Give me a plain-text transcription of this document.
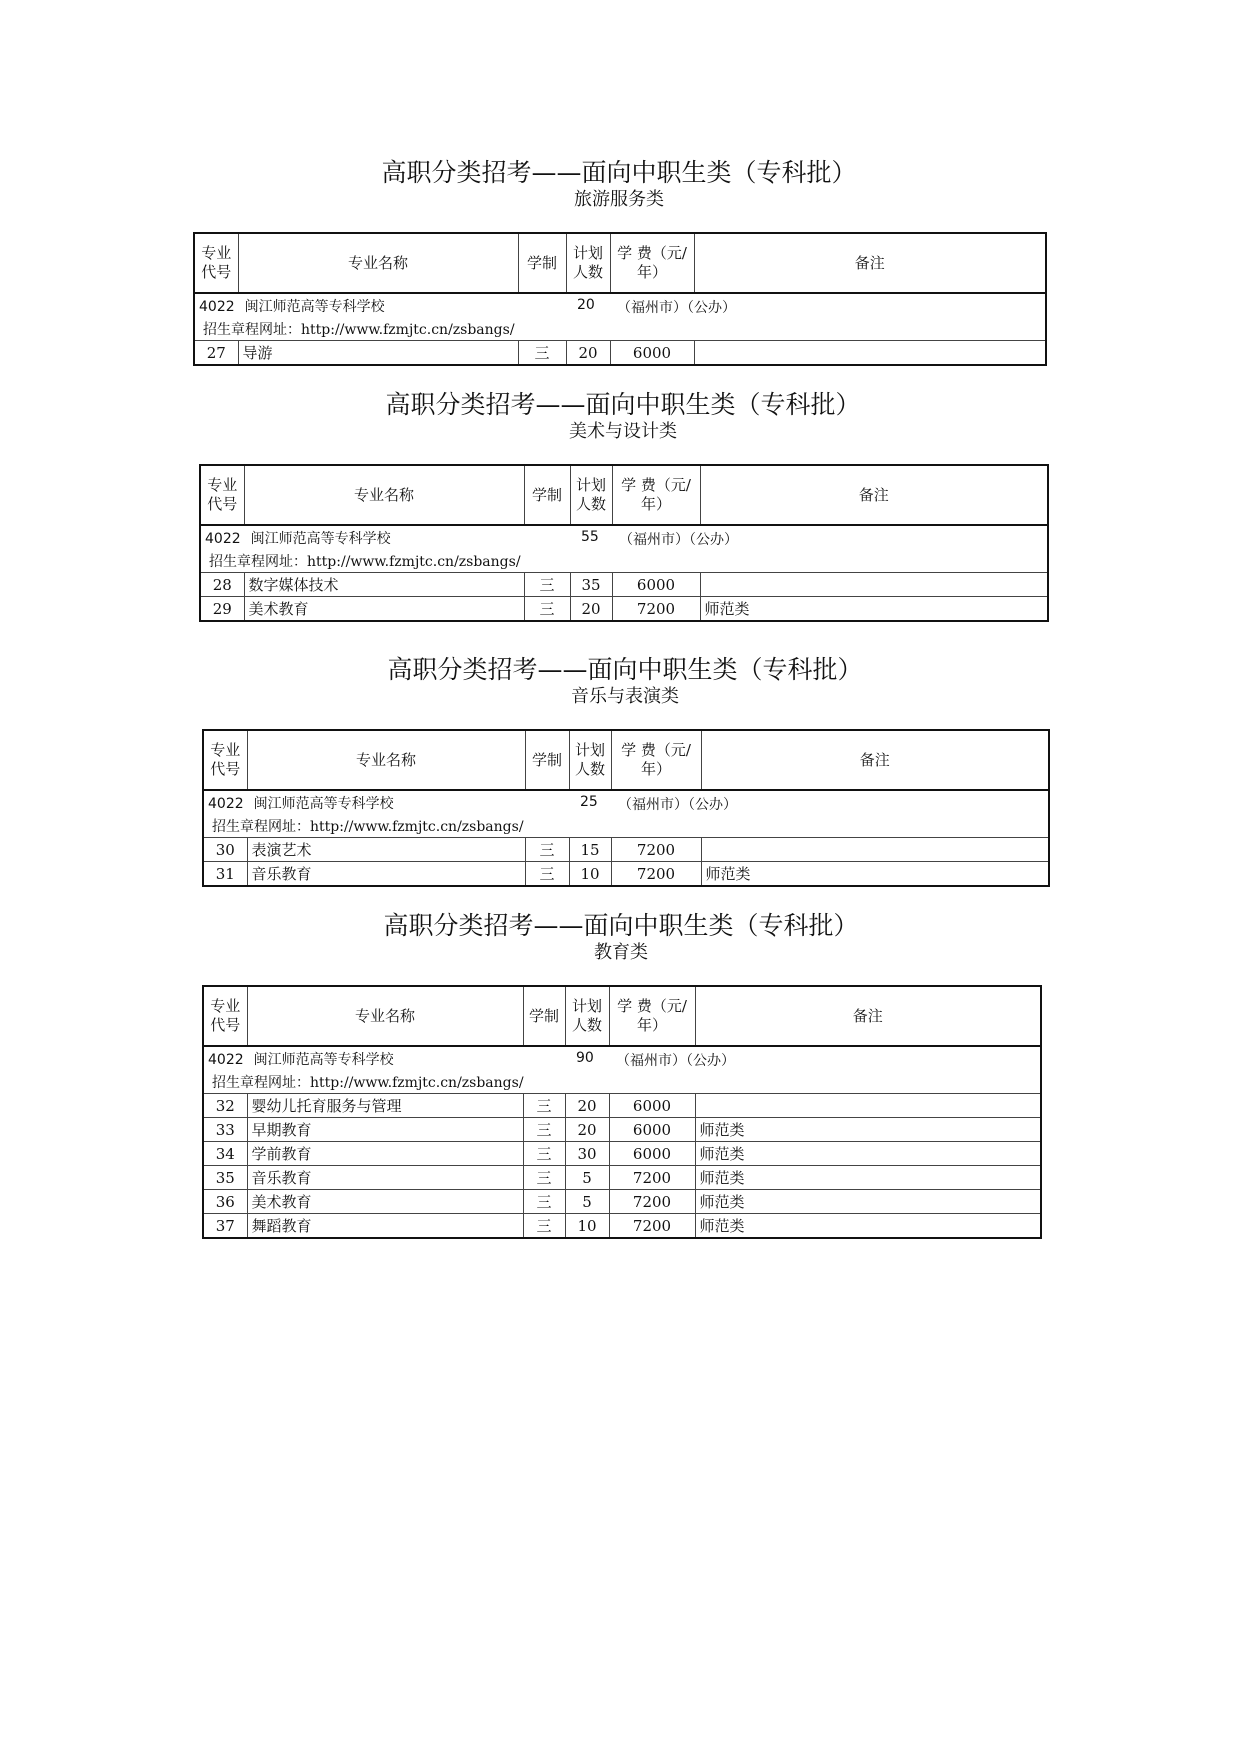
高职分类招考——面向中职生类（专科批）
旅游服务类
专业代号	专业名称	学制	计划人数	学 费（元/年）	备注
4022 闽江师范高等专科学校 20 （福州市）（公办）					

招生章程网址：http://www.fzmjtc.cn/zsbangs/					
27	导游	三	20	6000	
高职分类招考——面向中职生类（专科批）
美术与设计类
专业代号	专业名称	学制	计划人数	学 费（元/年）	备注
4022 闽江师范高等专科学校 55 （福州市）（公办）					

招生章程网址：http://www.fzmjtc.cn/zsbangs/					
28	数字媒体技术	三	35	6000	
29	美术教育	三	20	7200	师范类
高职分类招考——面向中职生类（专科批）
音乐与表演类
专业代号	专业名称	学制	计划人数	学 费（元/年）	备注
4022 闽江师范高等专科学校 25 （福州市）（公办）					

招生章程网址：http://www.fzmjtc.cn/zsbangs/					
30	表演艺术	三	15	7200	
31	音乐教育	三	10	7200	师范类
高职分类招考——面向中职生类（专科批）
教育类
专业代号	专业名称	学制	计划人数	学 费（元/年）	备注
4022 闽江师范高等专科学校 90 （福州市）（公办）					

招生章程网址：http://www.fzmjtc.cn/zsbangs/					
32	婴幼儿托育服务与管理	三	20	6000	
33	早期教育	三	20	6000	师范类
34	学前教育	三	30	6000	师范类
35	音乐教育	三	5	7200	师范类
36	美术教育	三	5	7200	师范类
37	舞蹈教育	三	10	7200	师范类
